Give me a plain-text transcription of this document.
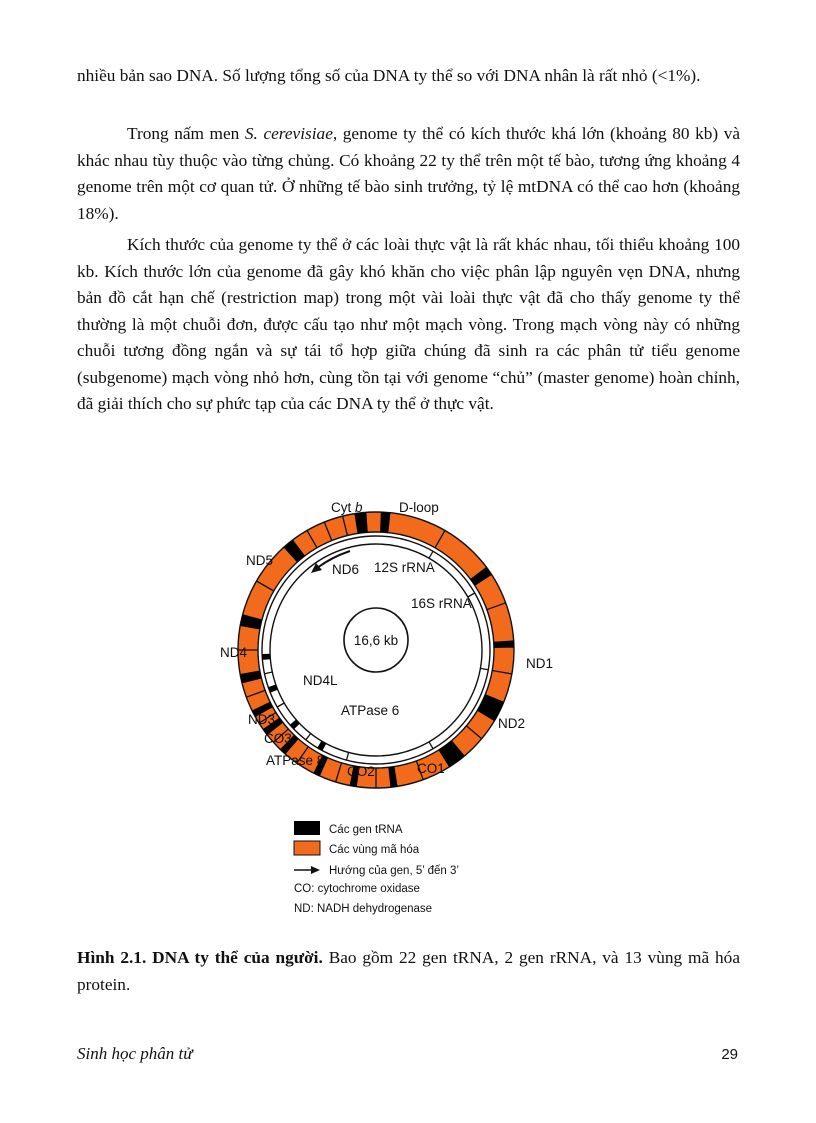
nhiều bản sao DNA. Số lượng tổng số của DNA ty thể so với DNA nhân là rất nhỏ (<1%).

Trong nấm men S. cerevisiae, genome ty thể có kích thước khá lớn (khoảng 80 kb) và khác nhau tùy thuộc vào từng chủng. Có khoảng 22 ty thể trên một tế bào, tương ứng khoảng 4 genome trên một cơ quan tử. Ở những tế bào sinh trưởng, tỷ lệ mtDNA có thể cao hơn (khoảng 18%).

Kích thước của genome ty thể ở các loài thực vật là rất khác nhau, tối thiểu khoảng 100 kb. Kích thước lớn của genome đã gây khó khăn cho việc phân lập nguyên vẹn DNA, nhưng bản đồ cắt hạn chế (restriction map) trong một vài loài thực vật đã cho thấy genome ty thể thường là một chuỗi đơn, được cấu tạo như một mạch vòng. Trong mạch vòng này có những chuỗi tương đồng ngắn và sự tái tổ hợp giữa chúng đã sinh ra các phân tử tiểu genome (subgenome) mạch vòng nhỏ hơn, cùng tồn tại với genome “chủ” (master genome) hoàn chỉnh, đã giải thích cho sự phức tạp của các DNA ty thể ở thực vật.

16,6 kb
Cyt b	D-loop
ND5
ND6 12S rRNA
16S rRNA
ND4
ND1
ND4L
ATPase 6
ND3	ND2
CO3
ATPase 8
CO2	CO1
Các gen tRNA
Các vùng mã hóa
Hướng của gen, 5’ đến 3’
CO: cytochrome oxidase
ND: NADH dehydrogenase

Hình 2.1. DNA ty thể của người. Bao gồm 22 gen tRNA, 2 gen rRNA, và 13 vùng mã hóa protein.

Sinh học phân tử	29
